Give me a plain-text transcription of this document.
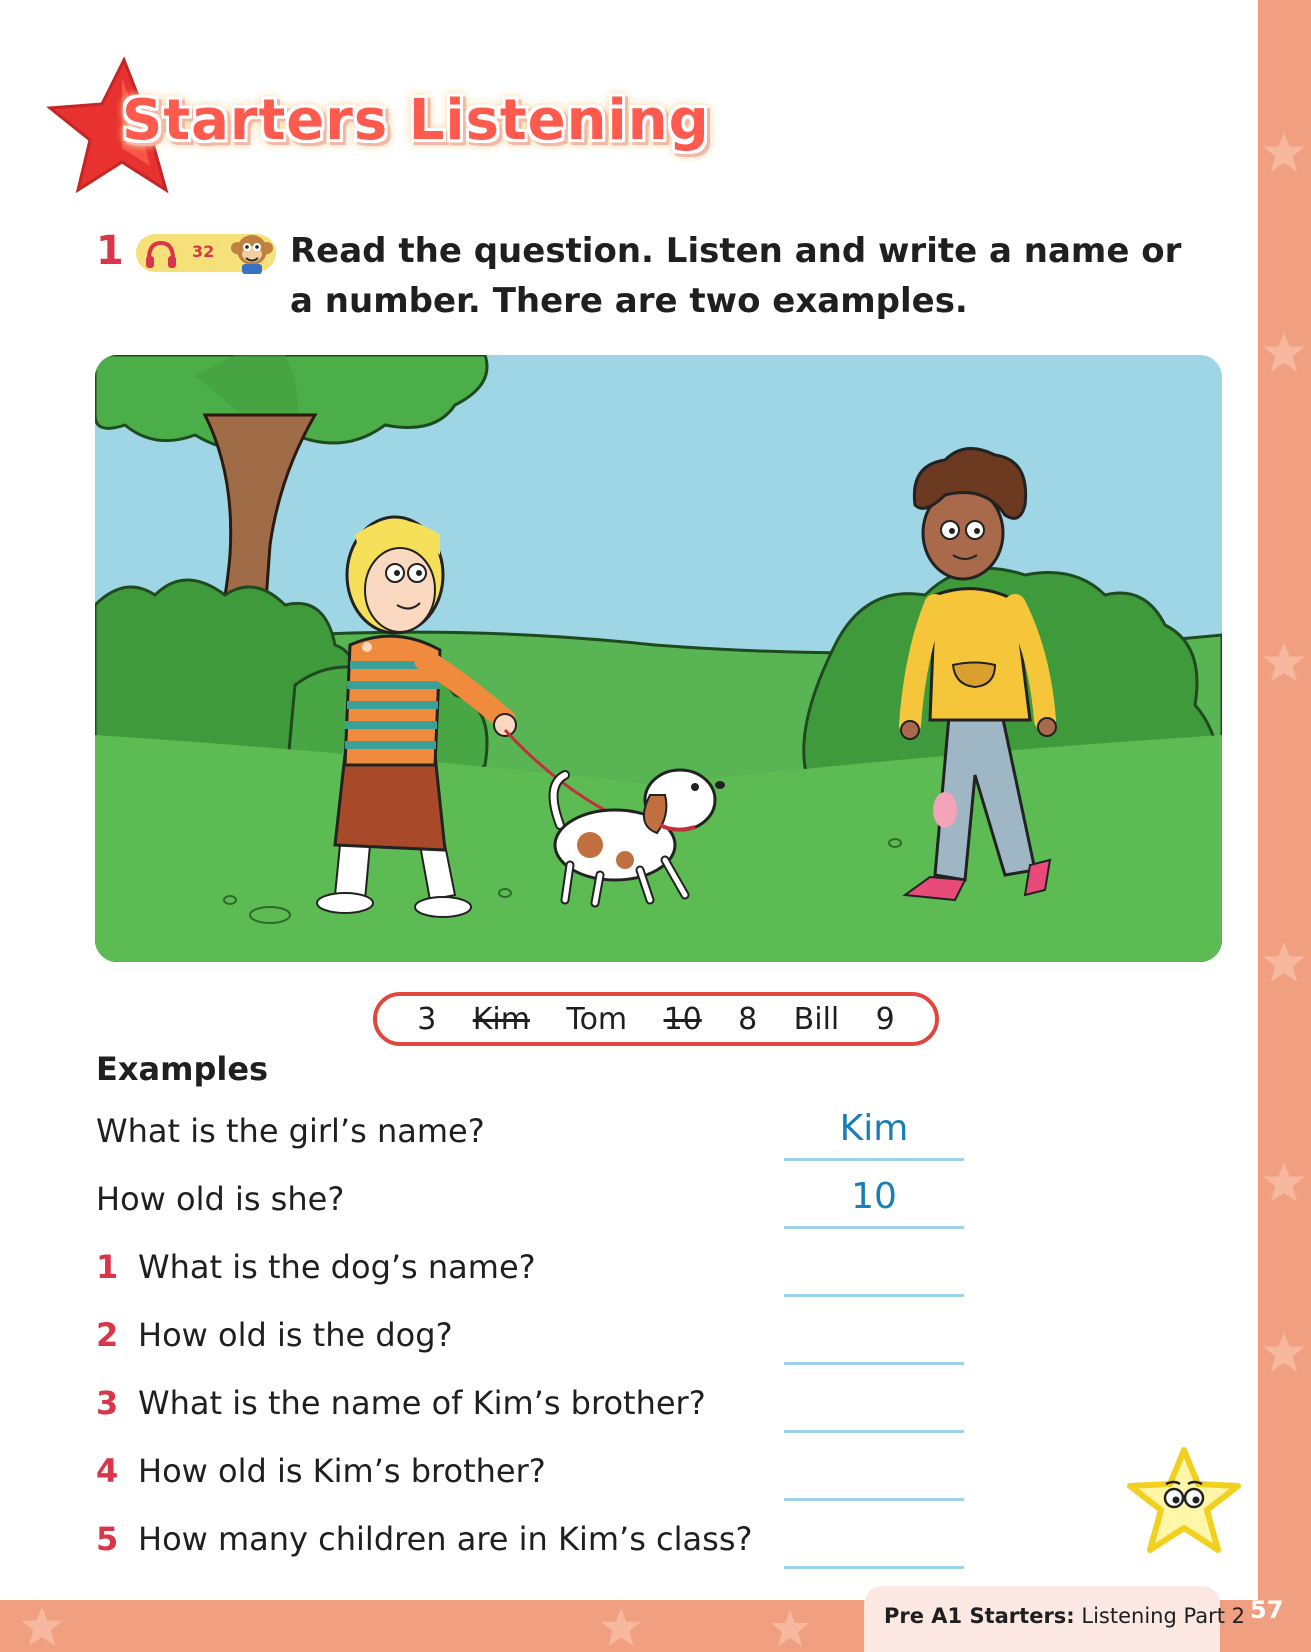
Starters Listening
1	32 Read the question. Listen and write a name or a number. There are two examples.
3 Kim Tom 10 8 Bill 9
Examples
What is the girl’s name?	Kim
How old is she?	10
1 What is the dog’s name?
2 How old is the dog?
3 What is the name of Kim’s brother?
4 How old is Kim’s brother?
5 How many children are in Kim’s class?
Pre A1 Starters: Listening Part 2 57
